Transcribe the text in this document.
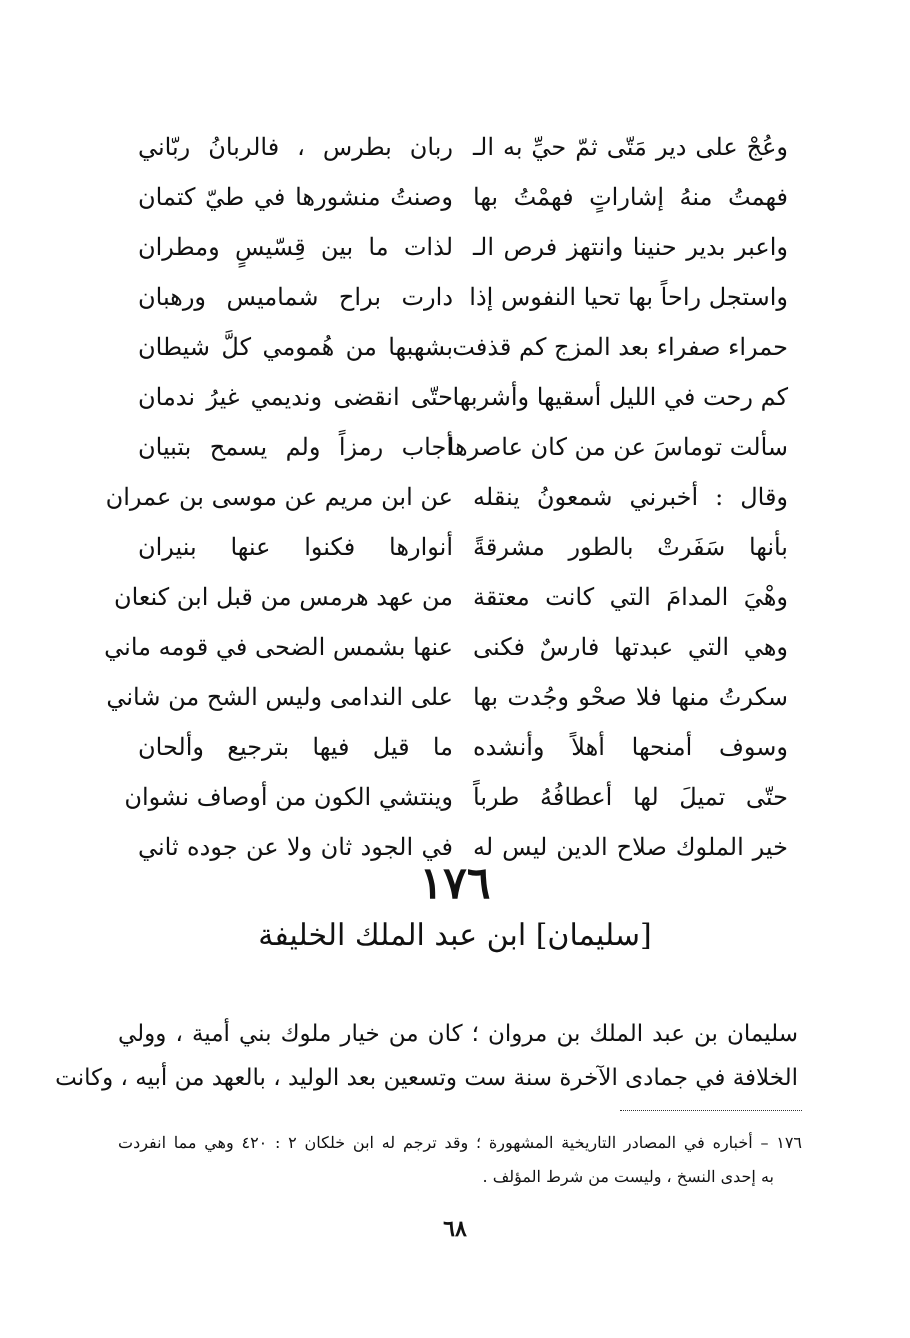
وعُجْ على دير مَتّى ثمّ حيِّ به الـ
ربان بطرس ، فالربانُ ربّاني
فهمتُ منهُ إشاراتٍ فهمْتُ بها
وصنتُ منشورها في طيّ كتمان
واعبر بدير حنينا وانتهز فرص الـ
لذات ما بين قِسّيسٍ ومطران
واستجل راحاً بها تحيا النفوس إذا
دارت براح شماميس ورهبان
حمراء صفراء بعد المزج كم قذفت
بشهبها من هُمومي كلَّ شيطان
كم رحت في الليل أسقيها وأشربها
حتّى انقضى ونديمي غيرُ ندمان
سألت توماسَ عن من كان عاصرها
أجاب رمزاً ولم يسمح بتبيان
وقال : أخبرني شمعونُ ينقله
عن ابن مريم عن موسى بن عمران
بأنها سَفَرتْ بالطور مشرقةً
أنوارها فكنوا عنها بنيران
وهْيَ المدامَ التي كانت معتقة
من عهد هرمس من قبل ابن كنعان
وهي التي عبدتها فارسٌ فكنى
عنها بشمس الضحى في قومه ماني
سكرتُ منها فلا صحْو وجُدت بها
على الندامى وليس الشح من شاني
وسوف أمنحها أهلاً وأنشده
ما قيل فيها بترجيع وألحان
حتّى تميلَ لها أعطافُهُ طرباً
وينتشي الكون من أوصاف نشوان
خير الملوك صلاح الدين ليس له
في الجود ثان ولا عن جوده ثاني
١٧٦
[سليمان] ابن عبد الملك الخليفة

سليمان بن عبد الملك بن مروان ؛ كان من خيار ملوك بني أمية ، وولي

الخلافة في جمادى الآخرة سنة ست وتسعين بعد الوليد ، بالعهد من أبيه ، وكانت

١٧٦ – أخباره في المصادر التاريخية المشهورة ؛ وقد ترجم له ابن خلكان ٢ : ٤٢٠ وهي مما انفردت

به إحدى النسخ ، وليست من شرط المؤلف .

٦٨
